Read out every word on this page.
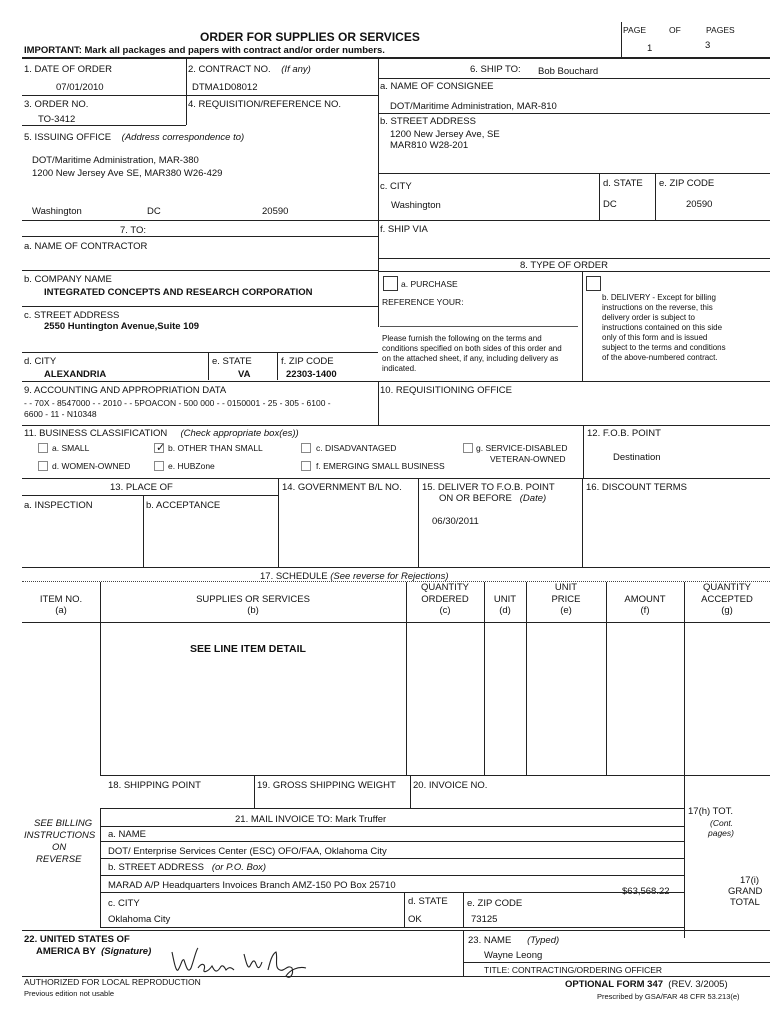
ORDER FOR SUPPLIES OR SERVICES
IMPORTANT: Mark all packages and papers with contract and/or order numbers.
PAGE	OF	PAGES
1	3
1. DATE OF ORDER
07/01/2010
2. CONTRACT NO. (If any)
DTMA1D08012
3. ORDER NO.
TO-3412
4. REQUISITION/REFERENCE NO.
5. ISSUING OFFICE (Address correspondence to)
DOT/Maritime Administration, MAR-380
1200 New Jersey Ave SE, MAR380 W26-429
Washington	DC	20590
6. SHIP TO: Bob Bouchard
a. NAME OF CONSIGNEE
DOT/Maritime Administration, MAR-810
b. STREET ADDRESS
1200 New Jersey Ave, SE
MAR810 W28-201
c. CITY
Washington
d. STATE
DC
e. ZIP CODE
20590
f. SHIP VIA
7. TO:
a. NAME OF CONTRACTOR
b. COMPANY NAME
INTEGRATED CONCEPTS AND RESEARCH CORPORATION
c. STREET ADDRESS
2550 Huntington Avenue,Suite 109
d. CITY
ALEXANDRIA
e. STATE
VA
f. ZIP CODE
22303-1400
8. TYPE OF ORDER
a. PURCHASE
REFERENCE YOUR:
Please furnish the following on the terms and
conditions specified on both sides of this order and
on the attached sheet, if any, including delivery as
indicated.
b. DELIVERY - Except for billing
instructions on the reverse, this
delivery order is subject to
instructions contained on this side
only of this form and is issued
subject to the terms and conditions
of the above-numbered contract.
9. ACCOUNTING AND APPROPRIATION DATA
- - 70X - 8547000 - - 2010 - - 5POACON - 500 000 - - 0150001 - 25 - 305 - 6100 -
6600 - 11 - N10348
10. REQUISITIONING OFFICE
11. BUSINESS CLASSIFICATION (Check appropriate box(es))
a. SMALL	✓ b. OTHER THAN SMALL	c. DISADVANTAGED	g. SERVICE-DISABLED
VETERAN-OWNED
d. WOMEN-OWNED	e. HUBZone	f. EMERGING SMALL BUSINESS
12. F.O.B. POINT
Destination
13. PLACE OF
a. INSPECTION	b. ACCEPTANCE
14. GOVERNMENT B/L NO. 15. DELIVER TO F.O.B. POINT
ON OR BEFORE (Date)
06/30/2011
16. DISCOUNT TERMS
17. SCHEDULE (See reverse for Rejections)
ITEM NO.
(a)
SUPPLIES OR SERVICES
(b)
QUANTITY
ORDERED
(c)
UNIT
(d)
UNIT
PRICE
(e)
AMOUNT
(f)
QUANTITY
ACCEPTED
(g)
SEE LINE ITEM DETAIL
18. SHIPPING POINT	19. GROSS SHIPPING WEIGHT 20. INVOICE NO.
17(h) TOT.
(Cont.
pages)
SEE BILLING
INSTRUCTIONS
ON
REVERSE
21. MAIL INVOICE TO: Mark Truffer
a. NAME
DOT/ Enterprise Services Center (ESC) OFO/FAA, Oklahoma City
b. STREET ADDRESS (or P.O. Box)
MARAD A/P Headquarters Invoices Branch AMZ-150 PO Box 25710	17(i)
GRAND
TOTAL
$63,568.22
c. CITY
Oklahoma City
d. STATE
OK
e. ZIP CODE
73125
22. UNITED STATES OF
AMERICA BY (Signature)
23. NAME (Typed)
Wayne Leong
TITLE: CONTRACTING/ORDERING OFFICER
AUTHORIZED FOR LOCAL REPRODUCTION
Previous edition not usable
OPTIONAL FORM 347 (REV. 3/2005)
Prescribed by GSA/FAR 48 CFR 53.213(e)
